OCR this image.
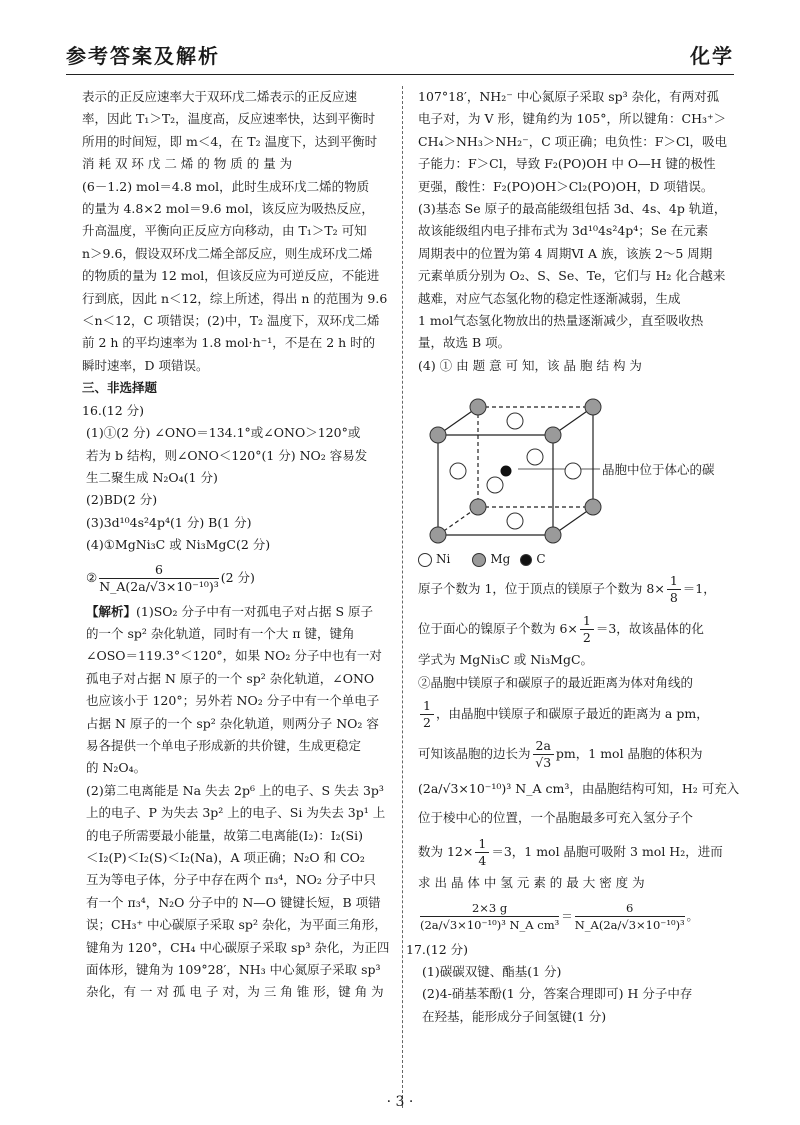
参考答案及解析	化学

表示的正反应速率大于双环戊二烯表示的正反应速

率，因此 T₁＞T₂，温度高，反应速率快，达到平衡时

所用的时间短，即 m＜4，在 T₂ 温度下，达到平衡时

消 耗 双 环 戊 二 烯 的 物 质 的 量 为

(6－1.2) mol＝4.8 mol，此时生成环戊二烯的物质

的量为 4.8×2 mol＝9.6 mol，该反应为吸热反应，

升高温度，平衡向正反应方向移动，由 T₁＞T₂ 可知

n＞9.6，假设双环戊二烯全部反应，则生成环戊二烯

的物质的量为 12 mol，但该反应为可逆反应，不能进

行到底，因此 n＜12，综上所述，得出 n 的范围为 9.6

＜n＜12，C 项错误；(2)中，T₂ 温度下，双环戊二烯

前 2 h 的平均速率为 1.8 mol·h⁻¹，不是在 2 h 时的

瞬时速率，D 项错误。

三、非选择题

16.(12 分)

(1)①(2 分) ∠ONO＝134.1°或∠ONO＞120°或

若为 b 结构，则∠ONO＜120°(1 分) NO₂ 容易发

生二聚生成 N₂O₄(1 分)

(2)BD(2 分)

(3)3d¹⁰4s²4p⁴(1 分) B(1 分)

(4)①MgNi₃C 或 Ni₃MgC(2 分)

② $\frac{6}{\text{N\_A(2a/√3×10⁻¹⁰)³}} (2$ 分)

【解析】(1)SO₂ 分子中有一对孤电子对占据 S 原子

的一个 sp² 杂化轨道，同时有一个大 π 键，键角

∠OSO＝119.3°＜120°，如果 NO₂ 分子中也有一对

孤电子对占据 N 原子的一个 sp² 杂化轨道，∠ONO

也应该小于 120°；另外若 NO₂ 分子中有一个单电子

占据 N 原子的一个 sp² 杂化轨道，则两分子 NO₂ 容

易各提供一个单电子形成新的共价键，生成更稳定

的 N₂O₄。

(2)第二电离能是 Na 失去 2p⁶ 上的电子、S 失去 3p³

上的电子、P 为失去 3p² 上的电子、Si 为失去 3p¹ 上

的电子所需要最小能量，故第二电离能(I₂)：I₂(Si)

＜I₂(P)＜I₂(S)＜I₂(Na)，A 项正确；N₂O 和 CO₂

互为等电子体，分子中存在两个 π₃⁴，NO₂ 分子中只

有一个 π₃⁴，N₂O 分子中的 N—O 键键长短，B 项错

误；CH₃⁺ 中心碳原子采取 sp² 杂化，为平面三角形，

键角为 120°，CH₄ 中心碳原子采取 sp³ 杂化，为正四

面体形，键角为 109°28′，NH₃ 中心氮原子采取 sp³

杂化，有 一 对 孤 电 子 对，为 三 角 锥 形，键 角 为

107°18′，NH₂⁻ 中心氮原子采取 sp³ 杂化，有两对孤

电子对，为 V 形，键角约为 105°，所以键角：CH₃⁺＞

CH₄＞NH₃＞NH₂⁻，C 项正确；电负性：F＞Cl，吸电

子能力：F＞Cl，导致 F₂(PO)OH 中 O—H 键的极性

更强，酸性：F₂(PO)OH＞Cl₂(PO)OH，D 项错误。

(3)基态 Se 原子的最高能级组包括 3d、4s、4p 轨道，

故该能级组内电子排布式为 3d¹⁰4s²4p⁴；Se 在元素

周期表中的位置为第 4 周期Ⅵ A 族，该族 2～5 周期

元素单质分别为 O₂、S、Se、Te，它们与 H₂ 化合越来

越难，对应气态氢化物的稳定性逐渐减弱，生成

1 mol气态氢化物放出的热量逐渐减少，直至吸收热

量，故选 B 项。

(4) ① 由 题 意 可 知，该 晶 胞 结 构 为

晶胞中位于体心的碳
Ni	Mg	C
原子个数为 1，位于顶点的镁原子个数为 $8\times \frac{1}{8} =1$，
位于面心的镍原子个数为 $6\times \frac{1}{2} =3$，故该晶体的化

学式为 MgNi₃C 或 Ni₃MgC。

②晶胞中镁原子和碳原子的最近距离为体对角线的

$\frac{1}{2}$ ，由晶胞中镁原子和碳原子最近的距离为 a pm，
可知该晶胞的边长为 $\frac{2a}{√3}$ pm，1 mol 晶胞的体积为

(2a/√3×10⁻¹⁰)³ N_A cm³，由晶胞结构可知，H₂ 可充入

位于棱中心的位置，一个晶胞最多可充入氢分子个

数为 $12\times \frac{1}{4} =3$，1 mol 晶胞可吸附 3 mol H₂，进而

求 出 晶 体 中 氢 元 素 的 最 大 密 度 为

$\frac{2\times 3 g}{\text{(2a/√3×10⁻¹⁰)³ N\_A cm³}} = \frac{6}{\text{N\_A(2a/√3×10⁻¹⁰)³}}$ 。

17.(12 分)

(1)碳碳双键、酯基(1 分)

(2)4-硝基苯酚(1 分，答案合理即可) H 分子中存

在羟基，能形成分子间氢键(1 分)

· 3 ·
